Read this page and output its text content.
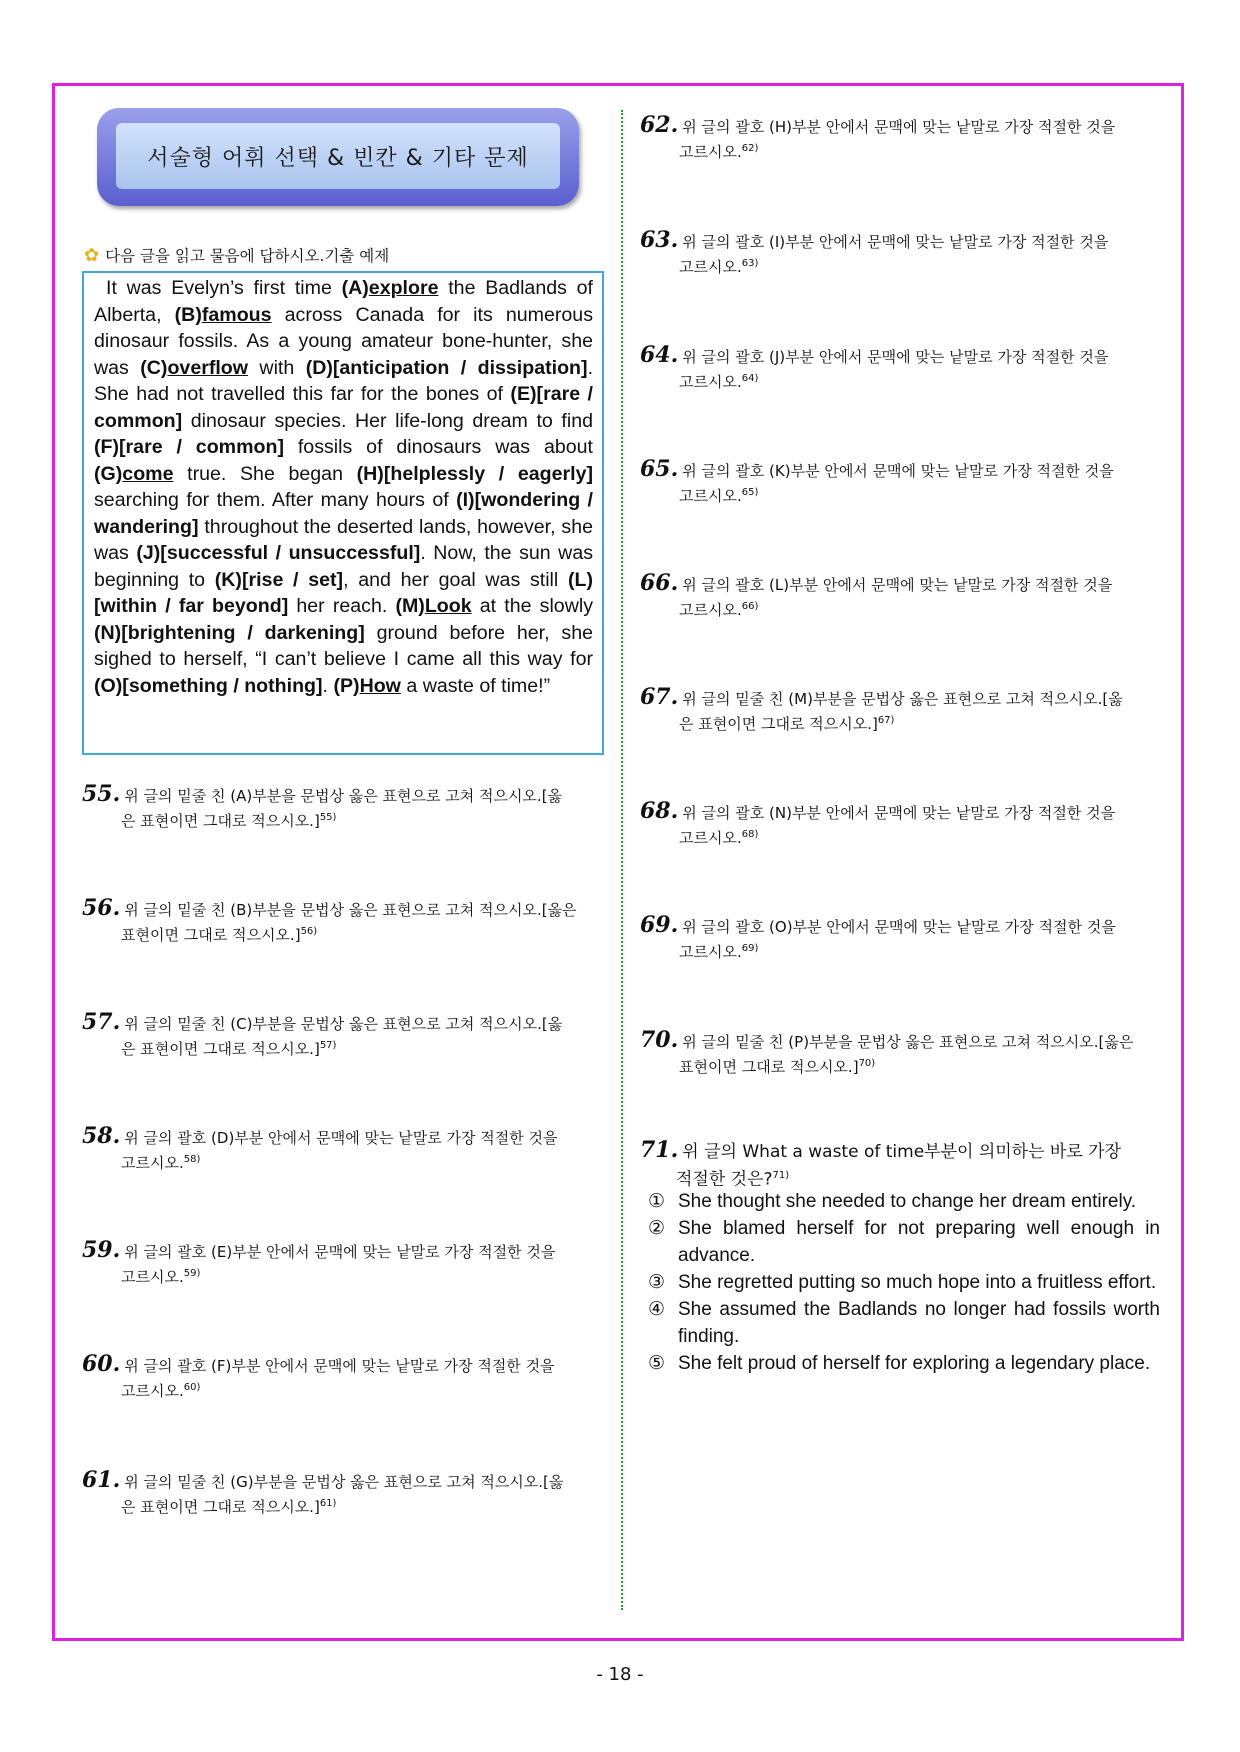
서술형 어휘 선택 & 빈칸 & 기타 문제
✿ 다음 글을 읽고 물음에 답하시오.기출 예제
It was Evelyn’s first time (A)explore the Badlands of Alberta, (B)famous across Canada for its numerous dinosaur fossils. As a young amateur bone-hunter, she was (C)overflow with (D)[anticipation / dissipation]. She had not travelled this far for the bones of (E)[rare / common] dinosaur species. Her life-long dream to find (F)[rare / common] fossils of dinosaurs was about (G)come true. She began (H)[helplessly / eagerly] searching for them. After many hours of (I)[wondering / wandering] throughout the deserted lands, however, she was (J)[successful / unsuccessful]. Now, the sun was beginning to (K)[rise / set], and her goal was still (L)[within / far beyond] her reach. (M)Look at the slowly (N)[brightening / darkening] ground before her, she sighed to herself, “I can’t believe I came all this way for (O)[something / nothing]. (P)How a waste of time!”
55. 위 글의 밑줄 친 (A)부분을 문법상 옳은 표현으로 고쳐 적으시오.[옳
은 표현이면 그대로 적으시오.]$^{55)}$
56. 위 글의 밑줄 친 (B)부분을 문법상 옳은 표현으로 고쳐 적으시오.[옳은
표현이면 그대로 적으시오.]$^{56)}$
57. 위 글의 밑줄 친 (C)부분을 문법상 옳은 표현으로 고쳐 적으시오.[옳
은 표현이면 그대로 적으시오.]$^{57)}$
58. 위 글의 괄호 (D)부분 안에서 문맥에 맞는 낱말로 가장 적절한 것을
고르시오.$^{58)}$
59. 위 글의 괄호 (E)부분 안에서 문맥에 맞는 낱말로 가장 적절한 것을
고르시오.$^{59)}$
60. 위 글의 괄호 (F)부분 안에서 문맥에 맞는 낱말로 가장 적절한 것을
고르시오.$^{60)}$
61. 위 글의 밑줄 친 (G)부분을 문법상 옳은 표현으로 고쳐 적으시오.[옳
은 표현이면 그대로 적으시오.]$^{61)}$
62. 위 글의 괄호 (H)부분 안에서 문맥에 맞는 낱말로 가장 적절한 것을
고르시오.$^{62)}$
63. 위 글의 괄호 (I)부분 안에서 문맥에 맞는 낱말로 가장 적절한 것을
고르시오.$^{63)}$
64. 위 글의 괄호 (J)부분 안에서 문맥에 맞는 낱말로 가장 적절한 것을
고르시오.$^{64)}$
65. 위 글의 괄호 (K)부분 안에서 문맥에 맞는 낱말로 가장 적절한 것을
고르시오.$^{65)}$
66. 위 글의 괄호 (L)부분 안에서 문맥에 맞는 낱말로 가장 적절한 것을
고르시오.$^{66)}$
67. 위 글의 밑줄 친 (M)부분을 문법상 옳은 표현으로 고쳐 적으시오.[옳
은 표현이면 그대로 적으시오.]$^{67)}$
68. 위 글의 괄호 (N)부분 안에서 문맥에 맞는 낱말로 가장 적절한 것을
고르시오.$^{68)}$
69. 위 글의 괄호 (O)부분 안에서 문맥에 맞는 낱말로 가장 적절한 것을
고르시오.$^{69)}$
70. 위 글의 밑줄 친 (P)부분을 문법상 옳은 표현으로 고쳐 적으시오.[옳은
표현이면 그대로 적으시오.]$^{70)}$
71. 위 글의 What a waste of time부분이 의미하는 바로 가장
적절한 것은?$^{71)}$
① She thought she needed to change her dream entirely.
② She blamed herself for not preparing well enough in advance.
③ She regretted putting so much hope into a fruitless effort.
④ She assumed the Badlands no longer had fossils worth finding.
⑤ She felt proud of herself for exploring a legendary place.
- 18 -
